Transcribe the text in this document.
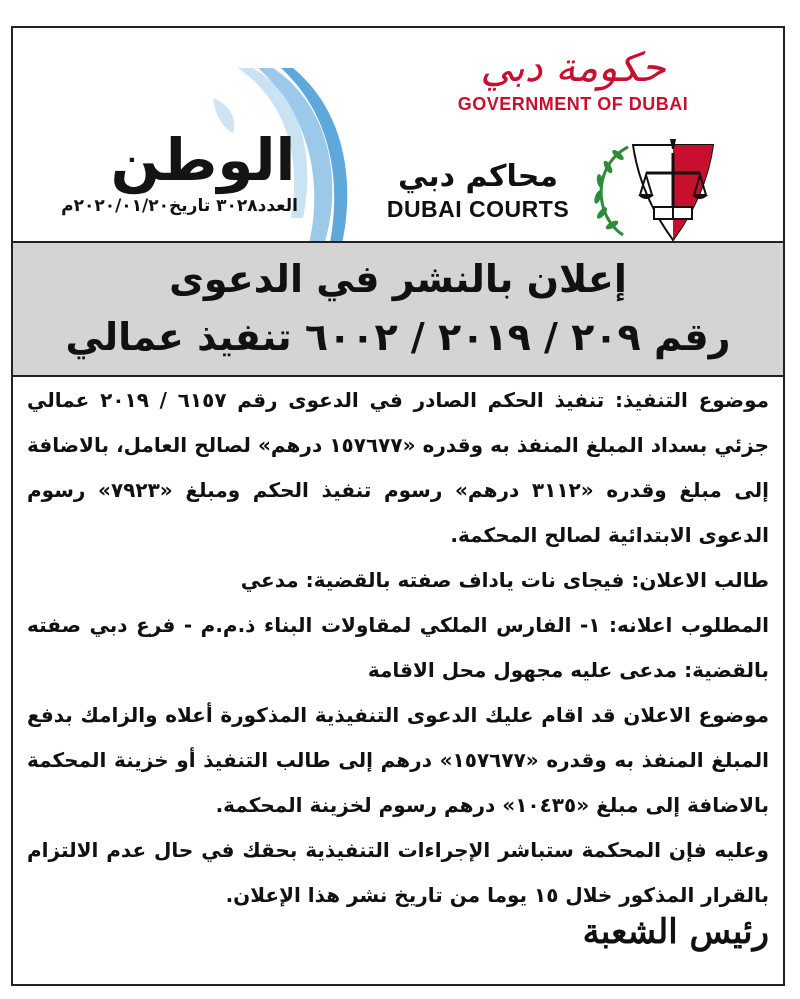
الوطن
العدد٣٠٢٨ تاريخ٢٠٢٠/٠١/٢٠م
حكومة دبي
GOVERNMENT OF DUBAI
محاكم دبي
DUBAI COURTS
إعلان بالنشر في الدعوى
رقم ٢٠٩ / ٢٠١٩ / ٦٠٠٢ تنفيذ عمالي

موضوع التنفيذ: تنفيذ الحكم الصادر في الدعوى رقم ٦١٥٧ / ٢٠١٩ عمالي جزئي بسداد المبلغ المنفذ به وقدره «١٥٧٦٧٧ درهم» لصالح العامل، بالاضافة إلى مبلغ وقدره «٣١١٢ درهم» رسوم تنفيذ الحكم ومبلغ «٧٩٢٣» رسوم الدعوى الابتدائية لصالح المحكمة.

طالب الاعلان: فيجاى نات ياداف صفته بالقضية: مدعي

المطلوب اعلانه: ١- الفارس الملكي لمقاولات البناء ذ.م.م - فرع دبي صفته بالقضية: مدعى عليه مجهول محل الاقامة

موضوع الاعلان قد اقام عليك الدعوى التنفيذية المذكورة أعلاه والزامك بدفع المبلغ المنفذ به وقدره «١٥٧٦٧٧» درهم إلى طالب التنفيذ أو خزينة المحكمة بالاضافة إلى مبلغ «١٠٤٣٥» درهم رسوم لخزينة المحكمة.

وعليه فإن المحكمة ستباشر الإجراءات التنفيذية بحقك في حال عدم الالتزام بالقرار المذكور خلال ١٥ يوما من تاريخ نشر هذا الإعلان.

رئيس الشعبة
